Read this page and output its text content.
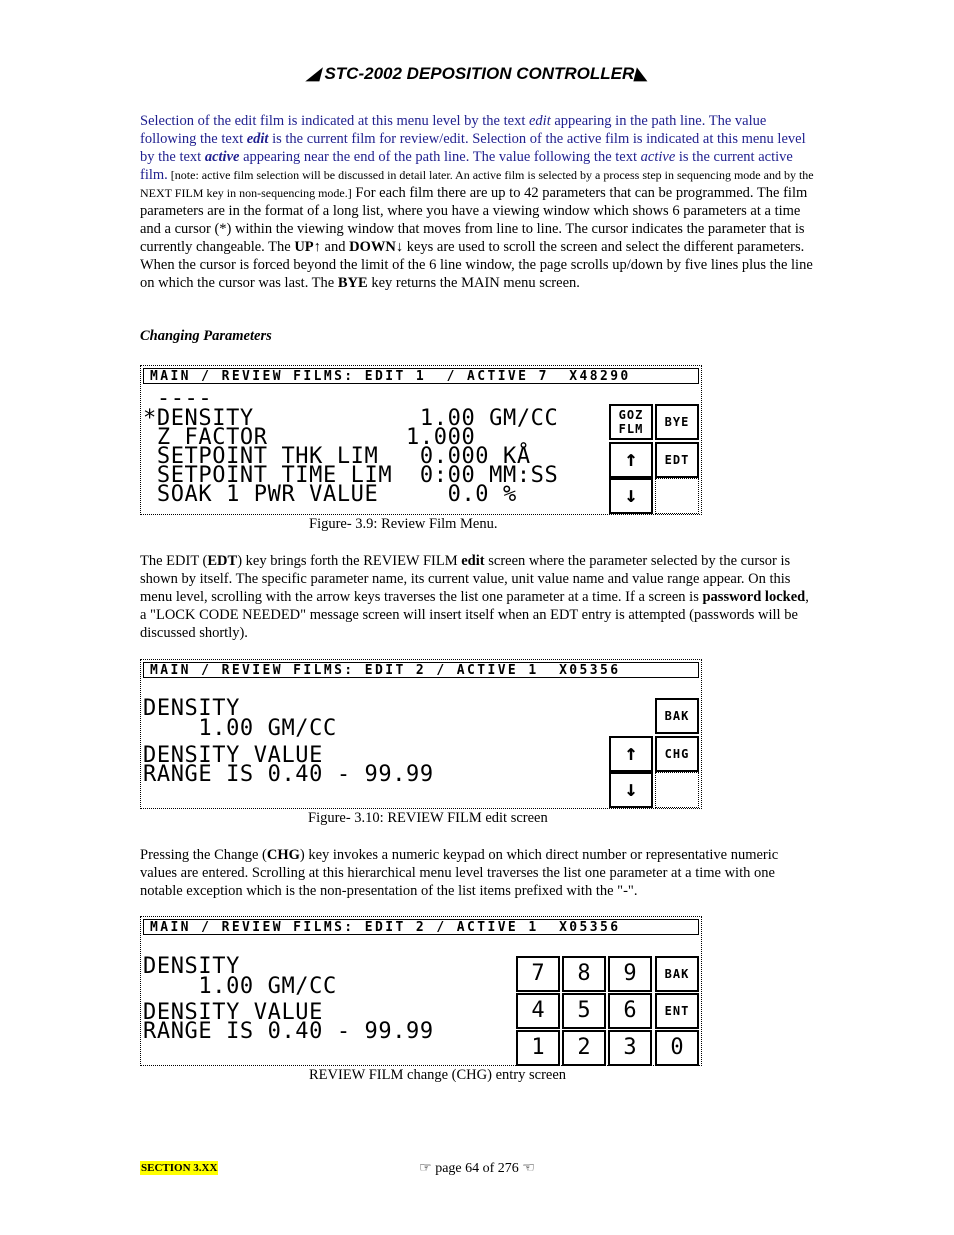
◢ STC-2002 DEPOSITION CONTROLLER◣
Selection of the edit film is indicated at this menu level by the text edit appearing in the path line. The value following the text edit is the current film for review/edit. Selection of the active film is indicated at this menu level by the text active appearing near the end of the path line. The value following the text active is the current active film. [note: active film selection will be discussed in detail later. An active film is selected by a process step in sequencing mode and by the NEXT FILM key in non-sequencing mode.] For each film there are up to 42 parameters that can be programmed. The film parameters are in the format of a long list, where you have a viewing window which shows 6 parameters at a time and a cursor (*) within the viewing window that moves from line to line. The cursor indicates the parameter that is currently changeable. The UP↑ and DOWN↓ keys are used to scroll the screen and select the different parameters. When the cursor is forced beyond the limit of the 6 line window, the page scrolls up/down by five lines plus the line on which the cursor was last. The BYE key returns the MAIN menu screen.
Changing Parameters
MAIN / REVIEW FILMS: EDIT 1  / ACTIVE 7  X48290
----
*DENSITY            1.00 GM/CC
Z FACTOR          1.000
SETPOINT THK LIM   0.000 KÅ
SETPOINT TIME LIM  0:00 MM:SS
SOAK 1 PWR VALUE     0.0 %
GOZ
FLM	BYE
↑	EDT
↓
Figure- 3.9: Review Film Menu.
The EDIT (EDT) key brings forth the REVIEW FILM edit screen where the parameter selected by the cursor is shown by itself. The specific parameter name, its current value, unit value name and value range appear. On this menu level, scrolling with the arrow keys traverses the list one parameter at a time. If a screen is password locked, a "LOCK CODE NEEDED" message screen will insert itself when an EDT entry is attempted (passwords will be discussed shortly).
MAIN / REVIEW FILMS: EDIT 2 / ACTIVE 1  X05356
DENSITY
1.00 GM/CC
DENSITY VALUE
RANGE IS 0.40 - 99.99
BAK
↑	CHG
↓
Figure- 3.10: REVIEW FILM edit screen
Pressing the Change (CHG) key invokes a numeric keypad on which direct number or representative numeric values are entered. Scrolling at this hierarchical menu level traverses the list one parameter at a time with one notable exception which is the non-presentation of the list items prefixed with the "-".
MAIN / REVIEW FILMS: EDIT 2 / ACTIVE 1  X05356
DENSITY
1.00 GM/CC
DENSITY VALUE
RANGE IS 0.40 - 99.99
7	8	9	BAK
4	5	6	ENT
1	2	3	0
REVIEW FILM change (CHG) entry screen
SECTION 3.XX	☞ page 64 of 276 ☜
